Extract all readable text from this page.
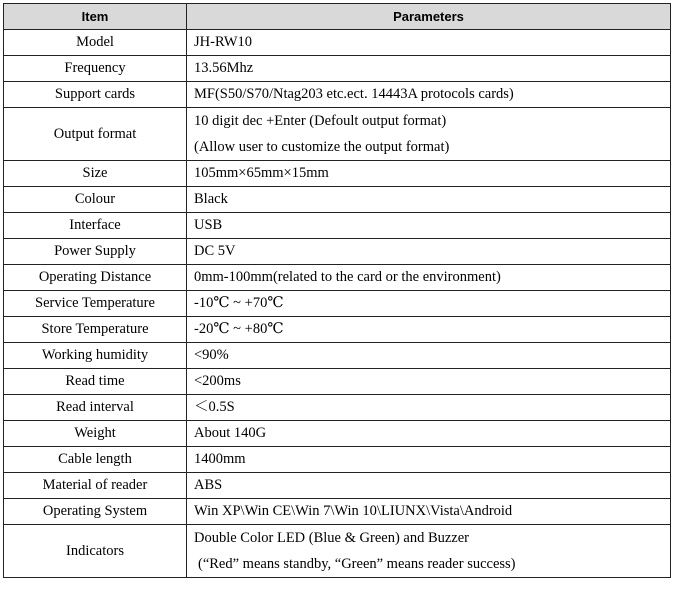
Item	Parameters
Model	JH-RW10
Frequency	13.56Mhz
Support cards	MF(S50/S70/Ntag203 etc.ect. 14443A protocols cards)
Output format	10 digit dec +Enter (Defoult output format)
(Allow user to customize the output format)

Size	105mm×65mm×15mm
Colour	Black
Interface	USB
Power Supply	DC 5V
Operating Distance	0mm-100mm(related to the card or the environment)
Service Temperature	-10℃ ~ +70℃
Store Temperature	-20℃ ~ +80℃
Working humidity	<90%
Read time	<200ms
Read interval	＜0.5S
Weight	About 140G
Cable length	1400mm
Material of reader	ABS
Operating System	Win XP\Win CE\Win 7\Win 10\LIUNX\Vista\Android
Indicators	Double Color LED (Blue & Green) and Buzzer
(“Red” means standby, “Green” means reader success)
